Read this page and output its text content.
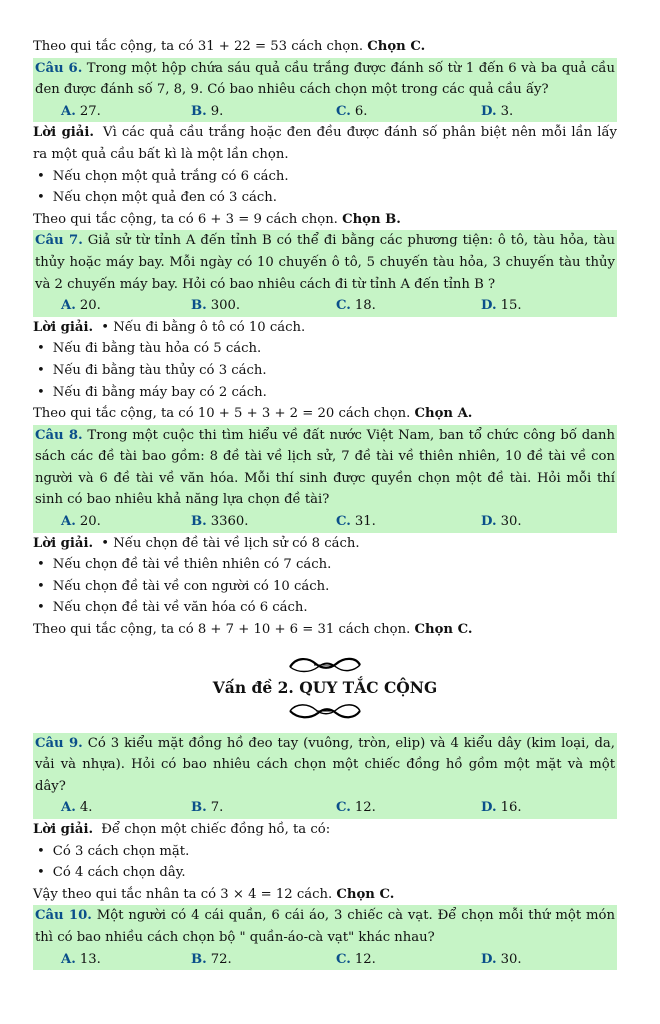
Theo qui tắc cộng, ta có 31 + 22 = 53 cách chọn. Chọn C.
Câu 6. Trong một hộp chứa sáu quả cầu trắng được đánh số từ 1 đến 6 và ba quả cầu đen được đánh số 7, 8, 9. Có bao nhiêu cách chọn một trong các quả cầu ấy?
A. 27.	B. 9.	C. 6.	D. 3.
Lời giải. Vì các quả cầu trắng hoặc đen đều được đánh số phân biệt nên mỗi lần lấy ra một quả cầu bất kì là một lần chọn.
• Nếu chọn một quả trắng có 6 cách.
• Nếu chọn một quả đen có 3 cách.
Theo qui tắc cộng, ta có 6 + 3 = 9 cách chọn. Chọn B.
Câu 7. Giả sử từ tỉnh A đến tỉnh B có thể đi bằng các phương tiện: ô tô, tàu hỏa, tàu thủy hoặc máy bay. Mỗi ngày có 10 chuyến ô tô, 5 chuyến tàu hỏa, 3 chuyến tàu thủy và 2 chuyến máy bay. Hỏi có bao nhiêu cách đi từ tỉnh A đến tỉnh B ?
A. 20.	B. 300.	C. 18.	D. 15.
Lời giải. • Nếu đi bằng ô tô có 10 cách.
• Nếu đi bằng tàu hỏa có 5 cách.
• Nếu đi bằng tàu thủy có 3 cách.
• Nếu đi bằng máy bay có 2 cách.
Theo qui tắc cộng, ta có 10 + 5 + 3 + 2 = 20 cách chọn. Chọn A.
Câu 8. Trong một cuộc thi tìm hiểu về đất nước Việt Nam, ban tổ chức công bố danh sách các đề tài bao gồm: 8 đề tài về lịch sử, 7 đề tài về thiên nhiên, 10 đề tài về con người và 6 đề tài về văn hóa. Mỗi thí sinh được quyền chọn một đề tài. Hỏi mỗi thí sinh có bao nhiêu khả năng lựa chọn đề tài?
A. 20.	B. 3360.	C. 31.	D. 30.
Lời giải. • Nếu chọn đề tài về lịch sử có 8 cách.
• Nếu chọn đề tài về thiên nhiên có 7 cách.
• Nếu chọn đề tài về con người có 10 cách.
• Nếu chọn đề tài về văn hóa có 6 cách.
Theo qui tắc cộng, ta có 8 + 7 + 10 + 6 = 31 cách chọn. Chọn C.
Vấn đề 2. QUY TẮC CỘNG
Câu 9. Có 3 kiểu mặt đồng hồ đeo tay (vuông, tròn, elip) và 4 kiểu dây (kim loại, da, vải và nhựa). Hỏi có bao nhiêu cách chọn một chiếc đồng hồ gồm một mặt và một dây?
A. 4.	B. 7.	C. 12.	D. 16.
Lời giải. Để chọn một chiếc đồng hồ, ta có:
• Có 3 cách chọn mặt.
• Có 4 cách chọn dây.
Vậy theo qui tắc nhân ta có 3 × 4 = 12 cách. Chọn C.
Câu 10. Một người có 4 cái quần, 6 cái áo, 3 chiếc cà vạt. Để chọn mỗi thứ một món thì có bao nhiều cách chọn bộ " quần-áo-cà vạt" khác nhau?
A. 13.	B. 72.	C. 12.	D. 30.
